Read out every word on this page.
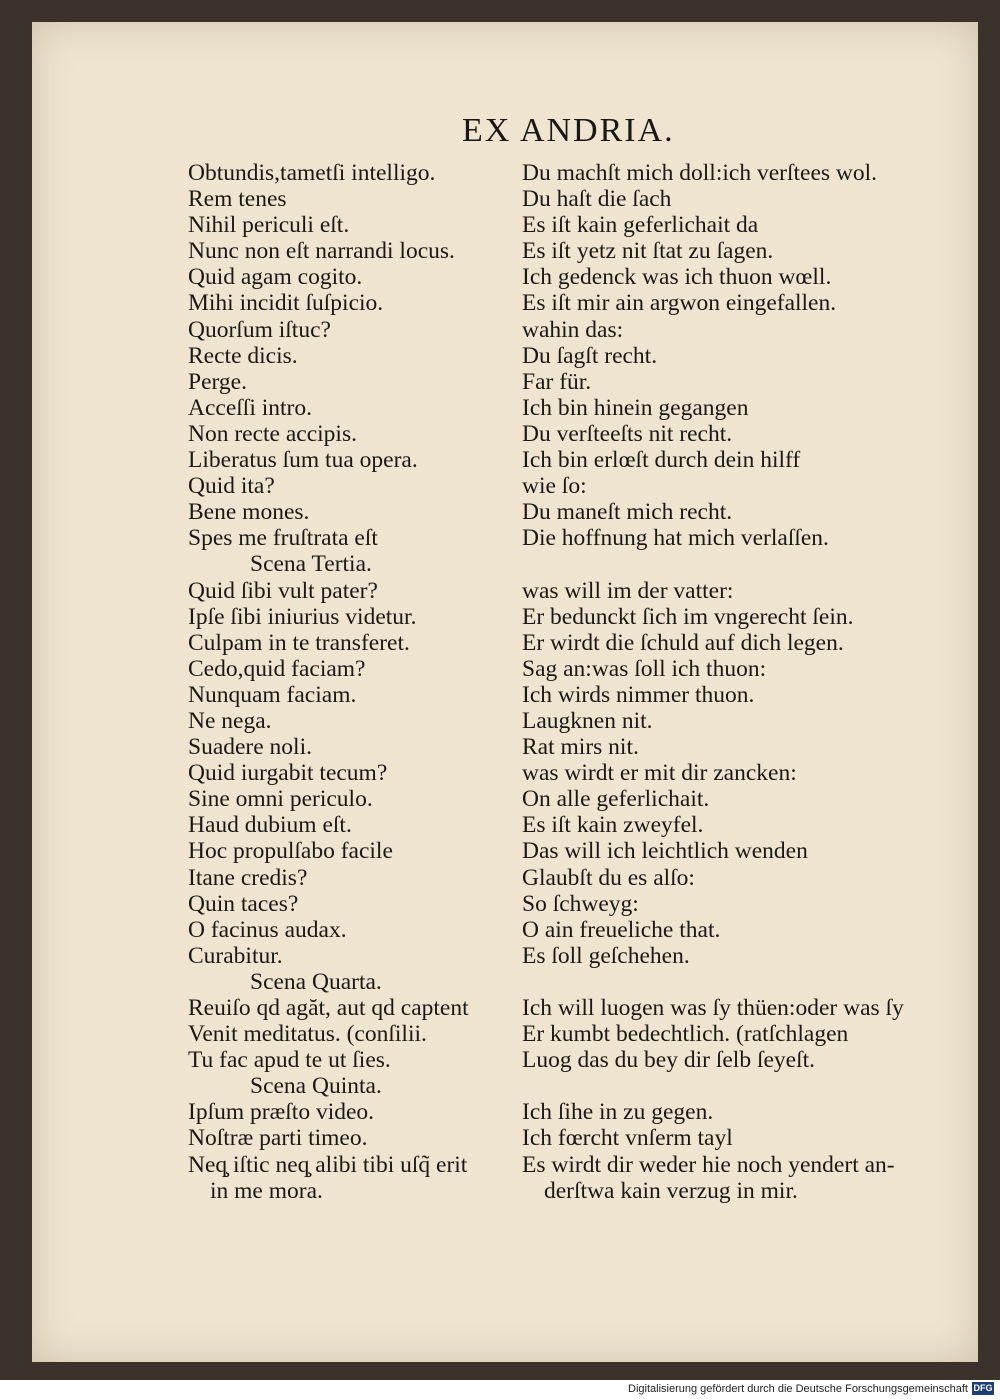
EX ANDRIA.
Obtundis,tametſi intelligo.
Rem tenes
Nihil periculi eſt.
Nunc non eſt narrandi locus.
Quid agam cogito.
Mihi incidit ſuſpicio.
Quorſum iſtuc?
Recte dicis.
Perge.
Acceſſi intro.
Non recte accipis.
Liberatus ſum tua opera.
Quid ita?
Bene mones.
Spes me fruſtrata eſt
Scena Tertia.
Quid ſibi vult pater?
Ipſe ſibi iniurius videtur.
Culpam in te transferet.
Cedo,quid faciam?
Nunquam faciam.
Ne nega.
Suadere noli.
Quid iurgabit tecum?
Sine omni periculo.
Haud dubium eſt.
Hoc propulſabo facile
Itane credis?
Quin taces?
O facinus audax.
Curabitur.
Scena Quarta.
Reuiſo qd agăt, aut qd captent
Venit meditatus. (conſilii.
Tu fac apud te ut ſies.
Scena Quinta.
Ipſum præſto video.
Noſtræ parti timeo.
Neq̧ iſtic neq̧ alibi tibi uſq̃ erit
in me mora.
Du machſt mich doll:ich verſtees wol.
Du haſt die ſach
Es iſt kain geferlichait da
Es iſt yetz nit ſtat zu ſagen.
Ich gedenck was ich thuon wœll.
Es iſt mir ain argwon eingefallen.
wahin das:
Du ſagſt recht.
Far für.
Ich bin hinein gegangen
Du verſteeſts nit recht.
Ich bin erlœſt durch dein hilff
wie ſo:
Du maneſt mich recht.
Die hoffnung hat mich verlaſſen.
was will im der vatter:
Er bedunckt ſich im vngerecht ſein.
Er wirdt die ſchuld auf dich legen.
Sag an:was ſoll ich thuon:
Ich wirds nimmer thuon.
Laugknen nit.
Rat mirs nit.
was wirdt er mit dir zancken:
On alle geferlichait.
Es iſt kain zweyfel.
Das will ich leichtlich wenden
Glaubſt du es alſo:
So ſchweyg:
O ain freueliche that.
Es ſoll geſchehen.
Ich will luogen was ſy thüen:oder was ſy
Er kumbt bedechtlich. (ratſchlagen
Luog das du bey dir ſelb ſeyeſt.
Ich ſihe in zu gegen.
Ich fœrcht vnſerm tayl
Es wirdt dir weder hie noch yendert an-
derſtwa kain verzug in mir.
Digitalisierung gefördert durch die Deutsche Forschungsgemeinschaft DFG
